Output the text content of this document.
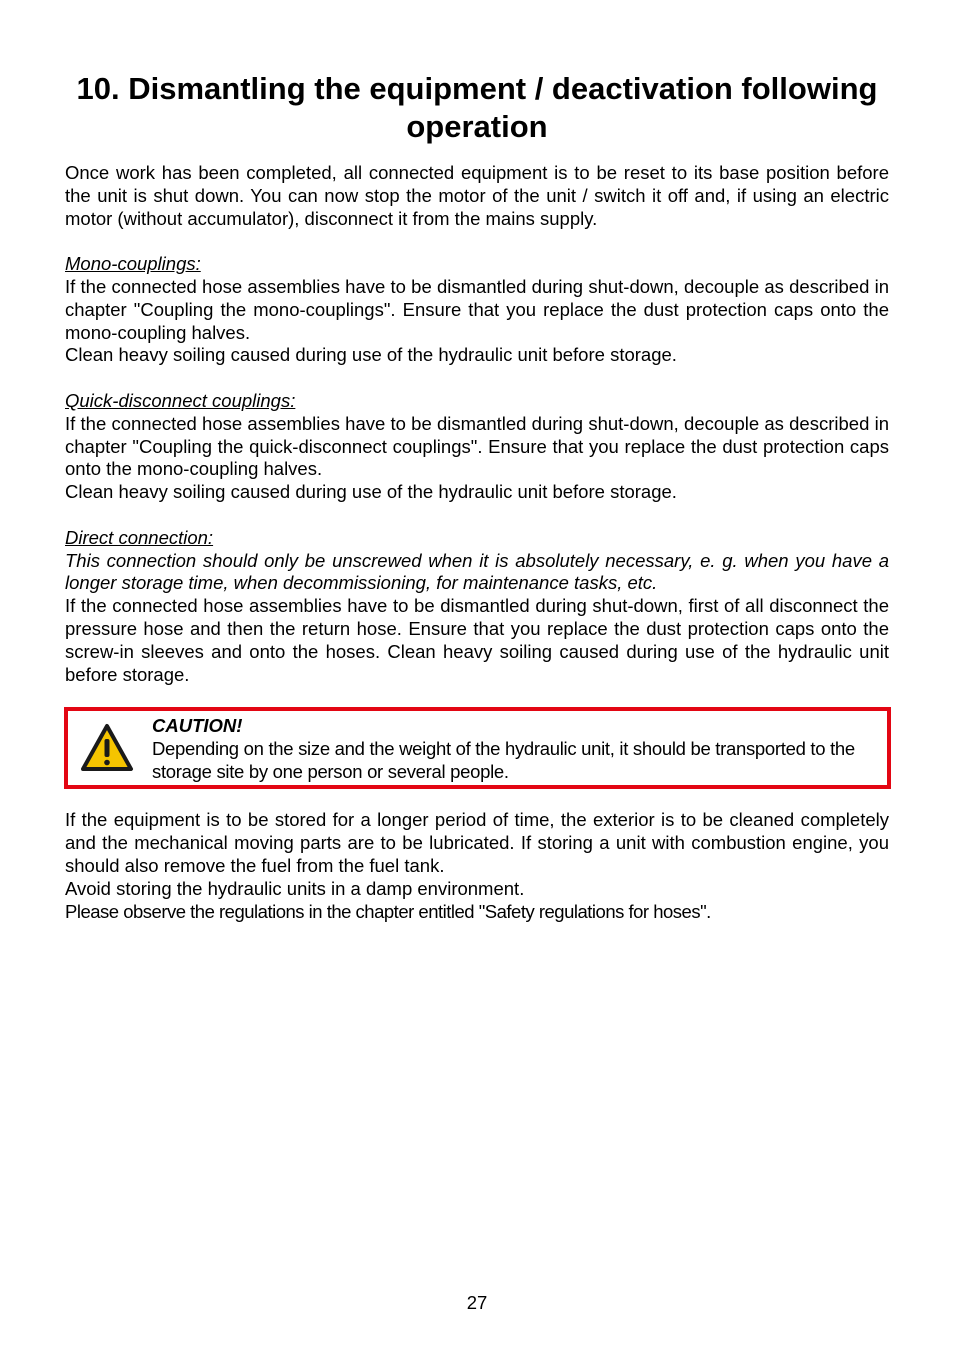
10. Dismantling the equipment / deactivation following operation

Once work has been completed, all connected equipment is to be reset to its base position before the unit is shut down. You can now stop the motor of the unit / switch it off and, if using an electric motor (without accumulator), disconnect it from the mains supply.

Mono-couplings:

If the connected hose assemblies have to be dismantled during shut-down, decouple as described in chapter "Coupling the mono-couplings". Ensure that you replace the dust protection caps onto the mono-coupling halves.

Clean heavy soiling caused during use of the hydraulic unit before storage.

Quick-disconnect couplings:

If the connected hose assemblies have to be dismantled during shut-down, decouple as described in chapter "Coupling the quick-disconnect couplings". Ensure that you replace the dust protection caps onto the mono-coupling halves.

Clean heavy soiling caused during use of the hydraulic unit before storage.

Direct connection:

This connection should only be unscrewed when it is absolutely necessary, e. g. when you have a longer storage time, when decommissioning, for maintenance tasks, etc.

If the connected hose assemblies have to be dismantled during shut-down, first of all disconnect the pressure hose and then the return hose. Ensure that you replace the dust protection caps onto the screw-in sleeves and onto the hoses. Clean heavy soiling caused during use of the hydraulic unit before storage.

CAUTION!
Depending on the size and the weight of the hydraulic unit, it should be transported to the storage site by one person or several people.

If the equipment is to be stored for a longer period of time, the exterior is to be cleaned completely and the mechanical moving parts are to be lubricated. If storing a unit with combustion engine, you should also remove the fuel from the fuel tank.

Avoid storing the hydraulic units in a damp environment.

Please observe the regulations in the chapter entitled "Safety regulations for hoses".

27
